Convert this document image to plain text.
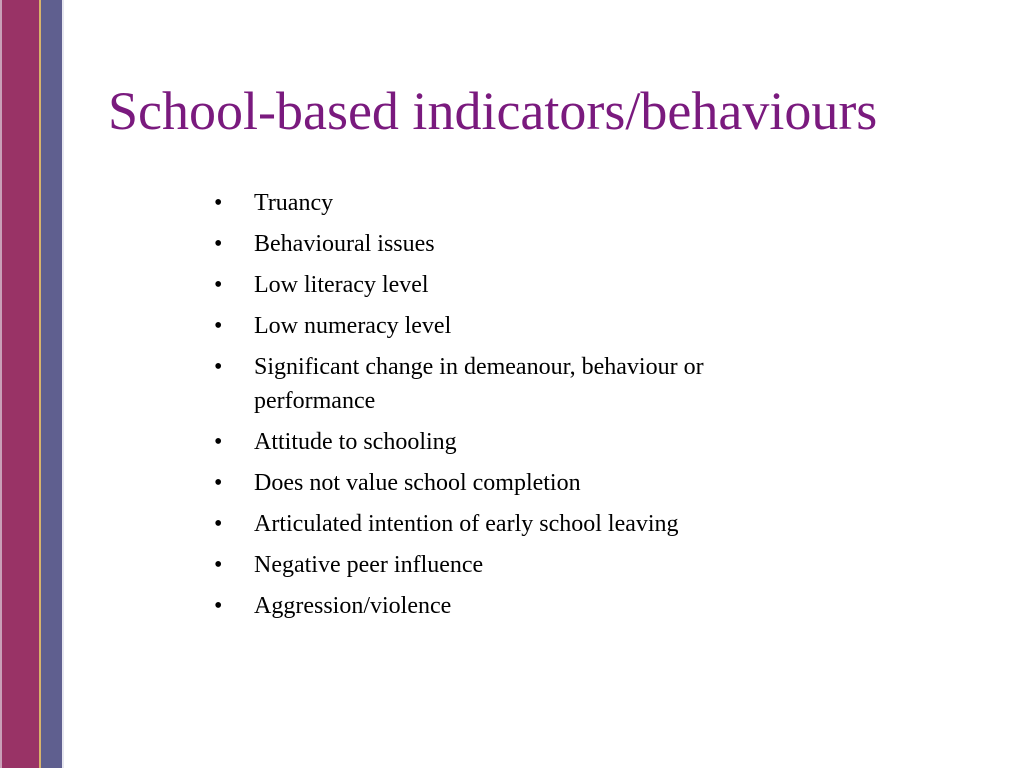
School-based indicators/behaviours
• Truancy
• Behavioural issues
• Low literacy level
• Low numeracy level
• Significant change in demeanour, behaviour or performance
• Attitude to schooling
• Does not value school completion
• Articulated intention of early school leaving
• Negative peer influence
• Aggression/violence
